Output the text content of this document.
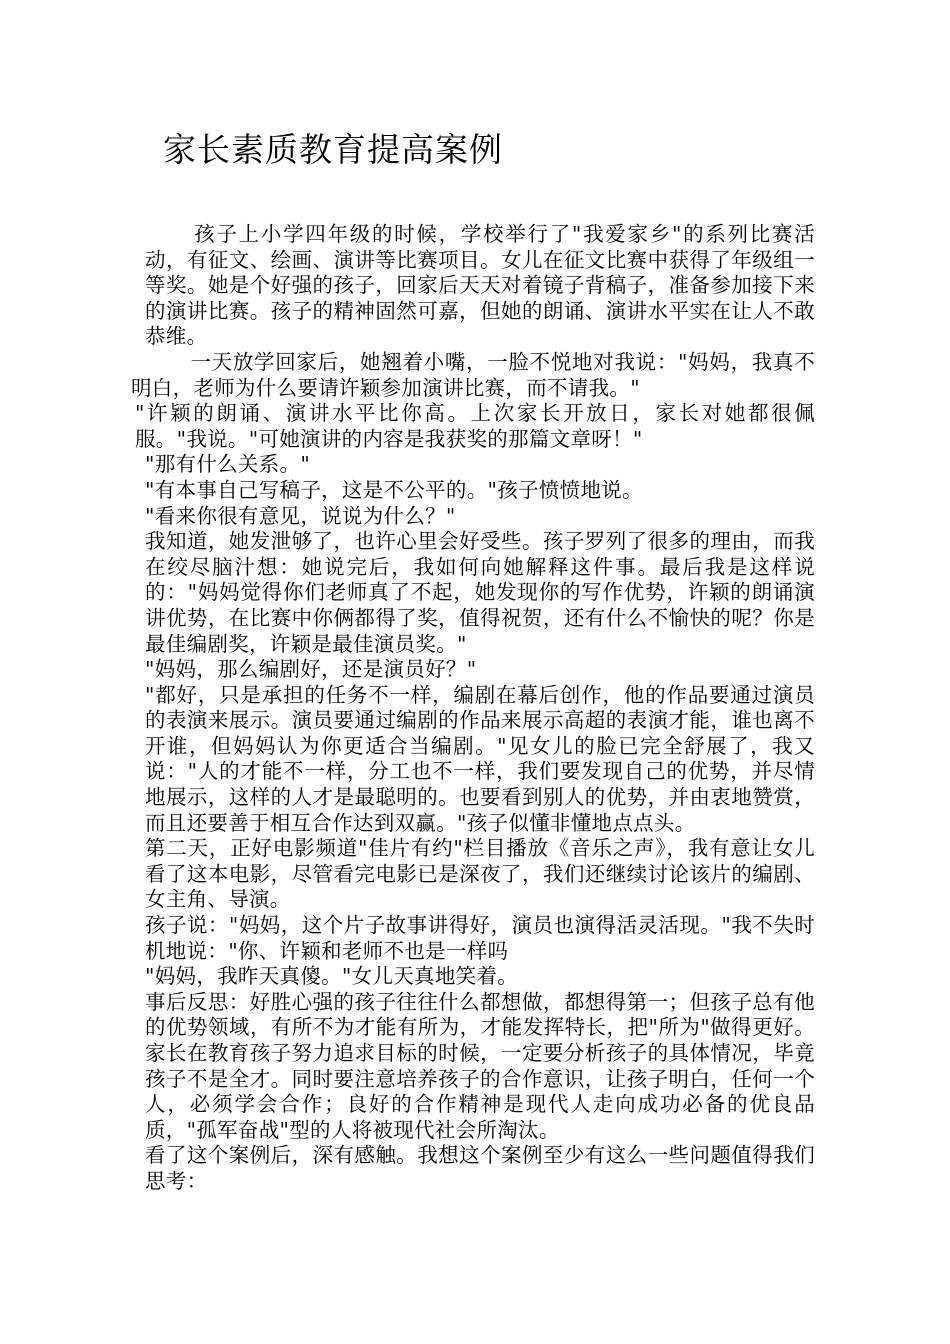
家长素质教育提高案例

孩子上小学四年级的时候，学校举行了"我爱家乡"的系列比赛活动，有征文、绘画、演讲等比赛项目。女儿在征文比赛中获得了年级组一等奖。她是个好强的孩子，回家后天天对着镜子背稿子，准备参加接下来的演讲比赛。孩子的精神固然可嘉，但她的朗诵、演讲水平实在让人不敢恭维。

一天放学回家后，她翘着小嘴，一脸不悦地对我说："妈妈，我真不明白，老师为什么要请许颖参加演讲比赛，而不请我。"

"许颖的朗诵、演讲水平比你高。上次家长开放日，家长对她都很佩服。"我说。"可她演讲的内容是我获奖的那篇文章呀！"

"那有什么关系。"

"有本事自己写稿子，这是不公平的。"孩子愤愤地说。

"看来你很有意见，说说为什么？"

我知道，她发泄够了，也许心里会好受些。孩子罗列了很多的理由，而我在绞尽脑汁想：她说完后，我如何向她解释这件事。最后我是这样说的："妈妈觉得你们老师真了不起，她发现你的写作优势，许颖的朗诵演讲优势，在比赛中你俩都得了奖，值得祝贺，还有什么不愉快的呢？你是最佳编剧奖，许颖是最佳演员奖。"

"妈妈，那么编剧好，还是演员好？"

"都好，只是承担的任务不一样，编剧在幕后创作，他的作品要通过演员的表演来展示。演员要通过编剧的作品来展示高超的表演才能，谁也离不开谁，但妈妈认为你更适合当编剧。"见女儿的脸已完全舒展了，我又说："人的才能不一样，分工也不一样，我们要发现自己的优势，并尽情地展示，这样的人才是最聪明的。也要看到别人的优势，并由衷地赞赏，而且还要善于相互合作达到双赢。"孩子似懂非懂地点点头。

第二天，正好电影频道"佳片有约"栏目播放《音乐之声》，我有意让女儿看了这本电影，尽管看完电影已是深夜了，我们还继续讨论该片的编剧、女主角、导演。

孩子说："妈妈，这个片子故事讲得好，演员也演得活灵活现。"我不失时机地说："你、许颖和老师不也是一样吗

"妈妈，我昨天真傻。"女儿天真地笑着。

事后反思：好胜心强的孩子往往什么都想做，都想得第一；但孩子总有他的优势领域，有所不为才能有所为，才能发挥特长，把"所为"做得更好。家长在教育孩子努力追求目标的时候，一定要分析孩子的具体情况，毕竟孩子不是全才。同时要注意培养孩子的合作意识，让孩子明白，任何一个人，必须学会合作；良好的合作精神是现代人走向成功必备的优良品质，"孤军奋战"型的人将被现代社会所淘汰。

看了这个案例后，深有感触。我想这个案例至少有这么一些问题值得我们思考：
